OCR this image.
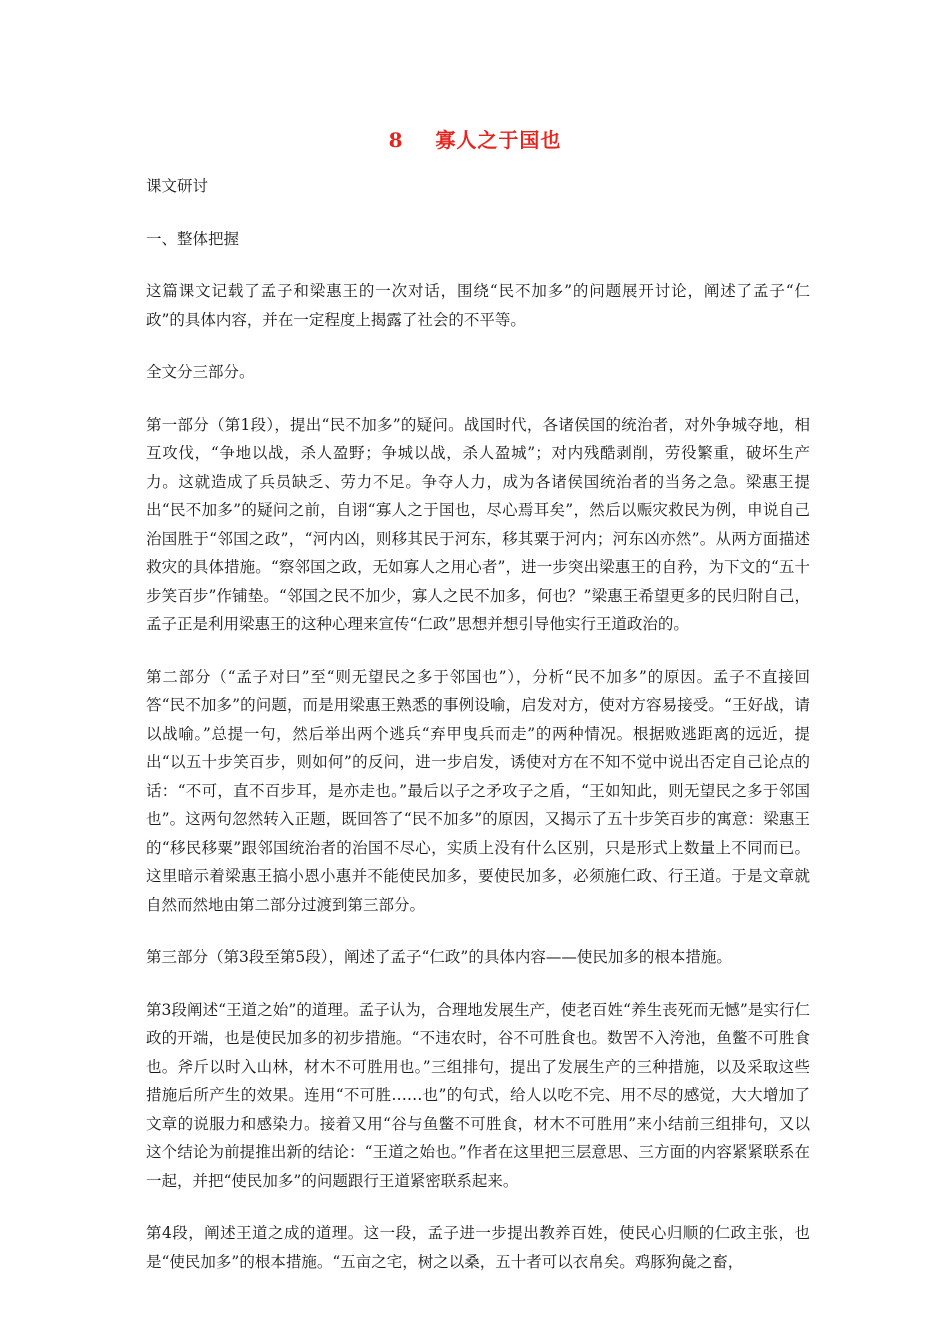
8    寡人之于国也

课文研讨

一、整体把握

这篇课文记载了孟子和梁惠王的一次对话，围绕“民不加多”的问题展开讨论，阐述了孟子“仁政”的具体内容，并在一定程度上揭露了社会的不平等。

全文分三部分。

第一部分（第1段），提出“民不加多”的疑问。战国时代，各诸侯国的统治者，对外争城夺地，相互攻伐，“争地以战，杀人盈野；争城以战，杀人盈城”；对内残酷剥削，劳役繁重，破坏生产力。这就造成了兵员缺乏、劳力不足。争夺人力，成为各诸侯国统治者的当务之急。梁惠王提出“民不加多”的疑问之前，自诩“寡人之于国也，尽心焉耳矣”，然后以赈灾救民为例，申说自己治国胜于“邻国之政”，“河内凶，则移其民于河东，移其粟于河内；河东凶亦然”。从两方面描述救灾的具体措施。“察邻国之政，无如寡人之用心者”，进一步突出梁惠王的自矜，为下文的“五十步笑百步”作铺垫。“邻国之民不加少，寡人之民不加多，何也？”梁惠王希望更多的民归附自己，孟子正是利用梁惠王的这种心理来宣传“仁政”思想并想引导他实行王道政治的。

第二部分（“孟子对曰”至“则无望民之多于邻国也”），分析“民不加多”的原因。孟子不直接回答“民不加多”的问题，而是用梁惠王熟悉的事例设喻，启发对方，使对方容易接受。“王好战，请以战喻。”总提一句，然后举出两个逃兵“弃甲曳兵而走”的两种情况。根据败逃距离的远近，提出“以五十步笑百步，则如何”的反问，进一步启发，诱使对方在不知不觉中说出否定自己论点的话：“不可，直不百步耳，是亦走也。”最后以子之矛攻子之盾，“王如知此，则无望民之多于邻国也”。这两句忽然转入正题，既回答了“民不加多”的原因，又揭示了五十步笑百步的寓意：梁惠王的“移民移粟”跟邻国统治者的治国不尽心，实质上没有什么区别，只是形式上数量上不同而已。这里暗示着梁惠王搞小恩小惠并不能使民加多，要使民加多，必须施仁政、行王道。于是文章就自然而然地由第二部分过渡到第三部分。

第三部分（第3段至第5段），阐述了孟子“仁政”的具体内容——使民加多的根本措施。

第3段阐述“王道之始”的道理。孟子认为，合理地发展生产，使老百姓“养生丧死而无憾”是实行仁政的开端，也是使民加多的初步措施。“不违农时，谷不可胜食也。数罟不入洿池，鱼鳖不可胜食也。斧斤以时入山林，材木不可胜用也。”三组排句，提出了发展生产的三种措施，以及采取这些措施后所产生的效果。连用“不可胜……也”的句式，给人以吃不完、用不尽的感觉，大大增加了文章的说服力和感染力。接着又用“谷与鱼鳖不可胜食，材木不可胜用”来小结前三组排句，又以这个结论为前提推出新的结论：“王道之始也。”作者在这里把三层意思、三方面的内容紧紧联系在一起，并把“使民加多”的问题跟行王道紧密联系起来。

第4段，阐述王道之成的道理。这一段，孟子进一步提出教养百姓，使民心归顺的仁政主张，也是“使民加多”的根本措施。“五亩之宅，树之以桑，五十者可以衣帛矣。鸡豚狗彘之畜，
